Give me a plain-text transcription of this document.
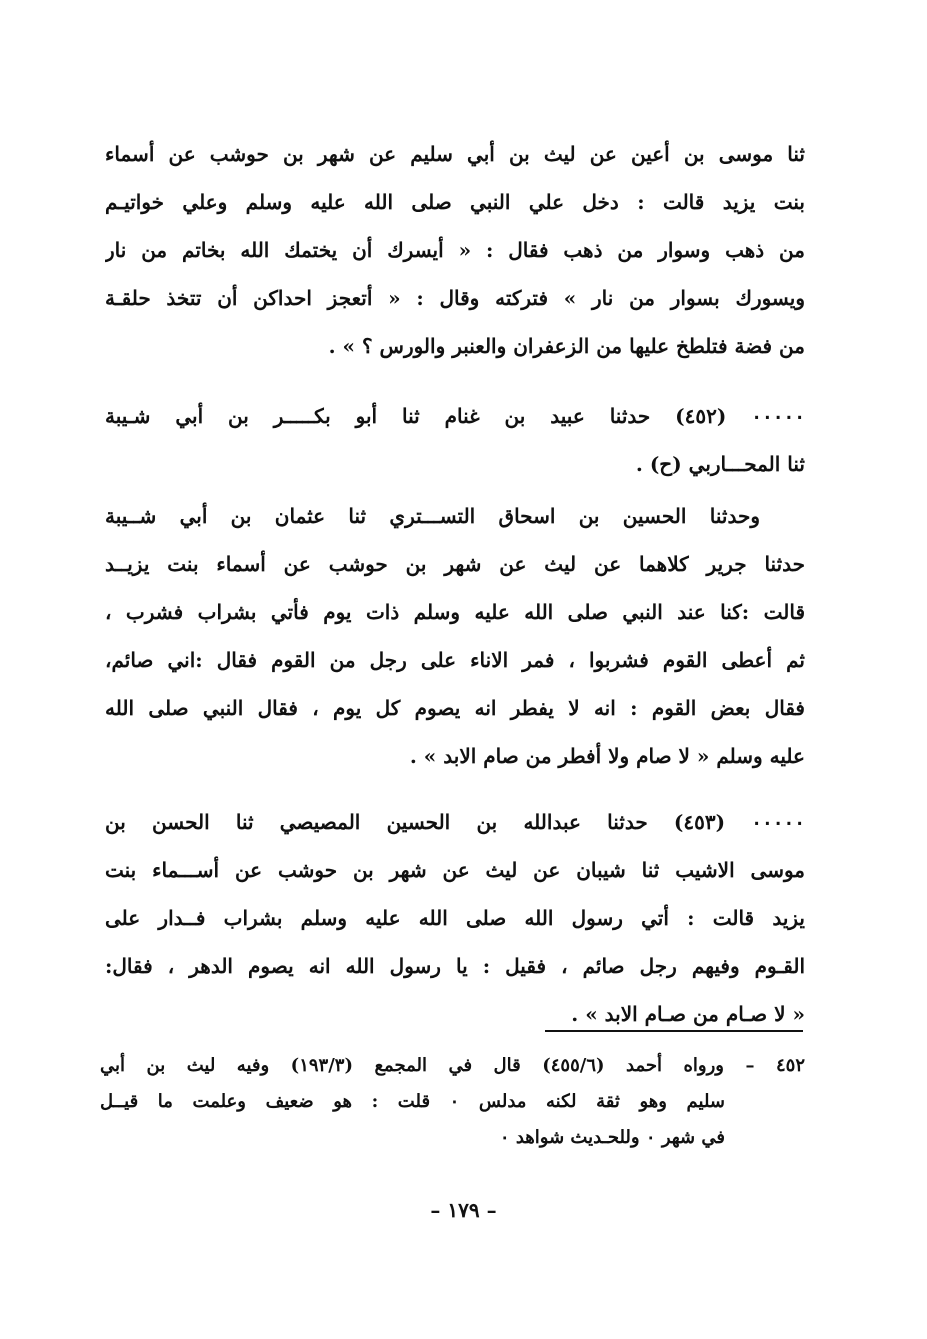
ثنا موسى بن أعين عن ليث بن أبي سليم عن شهر بن حوشب عن أسماء
بنت يزيد قالت : دخل علي النبي صلى الله عليه وسلم وعلي خواتيـم
من ذهب وسوار من ذهب فقال : « أيسرك أن يختمك الله بخاتم من نار
ويسورك بسوار من نار » فتركته وقال : « أتعجز احداكن أن تتخذ حلقـة
من فضة فتلطخ عليها من الزعفران والعنبر والورس ؟ » .
٠٠٠٠٠ (٤٥٢) حدثنا عبيد بن غنام ثنا أبو بكـــــر بن أبي شـيبة
ثنا المحـــاربي (ح) .
وحدثنا الحسين بن اسحاق التســـتري ثنا عثمان بن أبي شــيبة
حدثنا جرير كلاهما عن ليث عن شهر بن حوشب عن أسماء بنت يزيــد
قالت :كنا عند النبي صلى الله عليه وسلم ذات يوم فأتي بشراب فشرب ،
ثم أعطى القوم فشربوا ، فمر الاناء على رجل من القوم فقال :اني صائم،
فقال بعض القوم : انه لا يفطر انه يصوم كل يوم ، فقال النبي صلى الله
عليه وسلم « لا صام ولا أفطر من صام الابد » .
٠٠٠٠٠ (٤٥٣) حدثنا عبدالله بن الحسين المصيصي ثنا الحسن بن
موسى الاشيب ثنا شيبان عن ليث عن شهر بن حوشب عن أســـماء بنت
يزيد قالت : أتي رسول الله صلى الله عليه وسلم بشراب فــدار على
القـوم وفيهم رجل صائم ، فقيل : يا رسول الله انه يصوم الدهر ، فقال:
« لا صـام من صـام الابد » .
٤٥٢ – ورواه أحمد (٤٥٥/٦) قال في المجمع (١٩٣/٣) وفيه ليث بن أبي
سليم وهو ثقة لكنه مدلس ٠ قلت : هو ضعيف وعلمت ما قيــل
في شهر ٠ وللحـديث شواهد ٠
– ١٧٩ –
